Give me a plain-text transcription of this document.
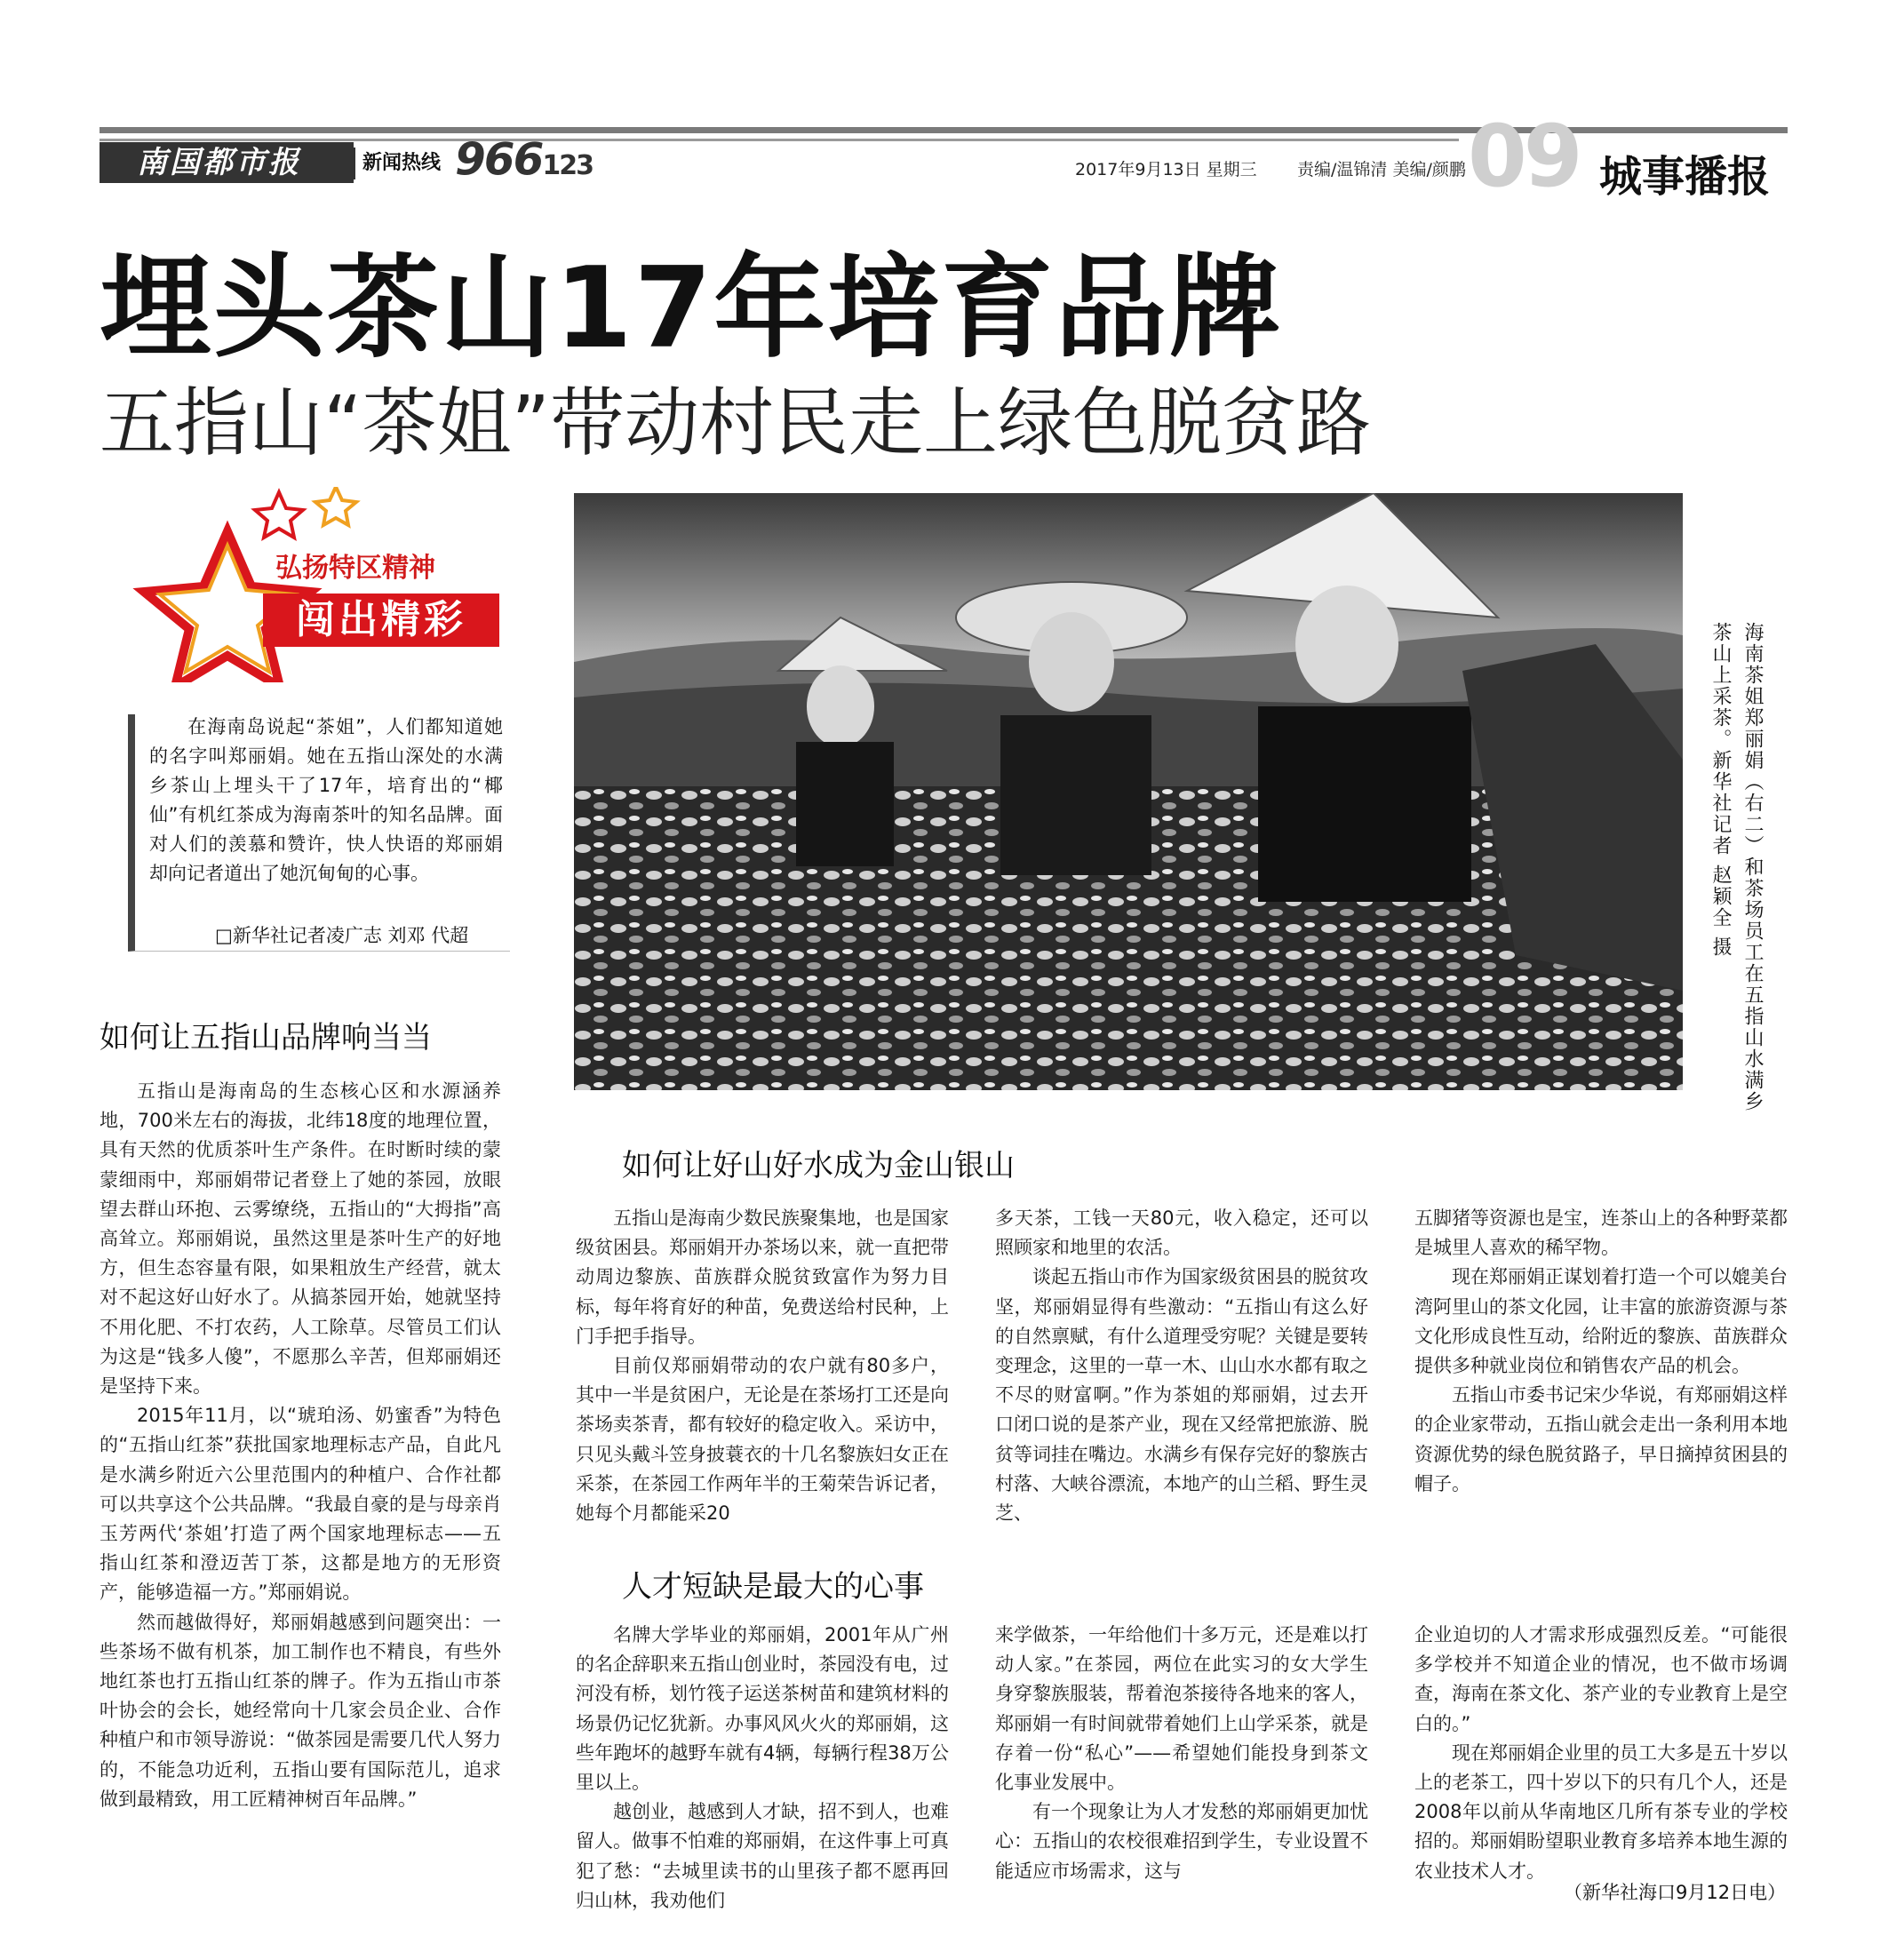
南国都市报	新闻热线 966123	2017年9月13日 星期三 责编/温锦清 美编/颜鹏 09 城事播报
埋头茶山17年培育品牌
五指山“茶姐”带动村民走上绿色脱贫路
弘扬特区精神
闯出精彩
在海南岛说起“茶姐”，人们都知道她的名字叫郑丽娟。她在五指山深处的水满乡茶山上埋头干了17年，培育出的“椰仙”有机红茶成为海南茶叶的知名品牌。面对人们的羡慕和赞许，快人快语的郑丽娟却向记者道出了她沉甸甸的心事。
□新华社记者凌广志 刘邓 代超	海南茶姐郑丽娟（右二）和茶场员工在五指山水满乡茶山上采茶。新华社记者 赵颖全 摄
如何让五指山品牌响当当

五指山是海南岛的生态核心区和水源涵养地，700米左右的海拔，北纬18度的地理位置，具有天然的优质茶叶生产条件。在时断时续的蒙蒙细雨中，郑丽娟带记者登上了她的茶园，放眼望去群山环抱、云雾缭绕，五指山的“大拇指”高高耸立。郑丽娟说，虽然这里是茶叶生产的好地方，但生态容量有限，如果粗放生产经营，就太对不起这好山好水了。从搞茶园开始，她就坚持不用化肥、不打农药，人工除草。尽管员工们认为这是“钱多人傻”，不愿那么辛苦，但郑丽娟还是坚持下来。

2015年11月，以“琥珀汤、奶蜜香”为特色的“五指山红茶”获批国家地理标志产品，自此凡是水满乡附近六公里范围内的种植户、合作社都可以共享这个公共品牌。“我最自豪的是与母亲肖玉芳两代‘茶姐’打造了两个国家地理标志——五指山红茶和澄迈苦丁茶，这都是地方的无形资产，能够造福一方。”郑丽娟说。

然而越做得好，郑丽娟越感到问题突出：一些茶场不做有机茶，加工制作也不精良，有些外地红茶也打五指山红茶的牌子。作为五指山市茶叶协会的会长，她经常向十几家会员企业、合作种植户和市领导游说：“做茶园是需要几代人努力的，不能急功近利，五指山要有国际范儿，追求做到最精致，用工匠精神树百年品牌。”

如何让好山好水成为金山银山

五指山是海南少数民族聚集地，也是国家级贫困县。郑丽娟开办茶场以来，就一直把带动周边黎族、苗族群众脱贫致富作为努力目标，每年将育好的种苗，免费送给村民种，上门手把手指导。

目前仅郑丽娟带动的农户就有80多户，其中一半是贫困户，无论是在茶场打工还是向茶场卖茶青，都有较好的稳定收入。采访中，只见头戴斗笠身披蓑衣的十几名黎族妇女正在采茶，在茶园工作两年半的王菊荣告诉记者，她每个月都能采20

多天茶，工钱一天80元，收入稳定，还可以照顾家和地里的农活。

谈起五指山市作为国家级贫困县的脱贫攻坚，郑丽娟显得有些激动：“五指山有这么好的自然禀赋，有什么道理受穷呢？关键是要转变理念，这里的一草一木、山山水水都有取之不尽的财富啊。”作为茶姐的郑丽娟，过去开口闭口说的是茶产业，现在又经常把旅游、脱贫等词挂在嘴边。水满乡有保存完好的黎族古村落、大峡谷漂流，本地产的山兰稻、野生灵芝、

五脚猪等资源也是宝，连茶山上的各种野菜都是城里人喜欢的稀罕物。

现在郑丽娟正谋划着打造一个可以媲美台湾阿里山的茶文化园，让丰富的旅游资源与茶文化形成良性互动，给附近的黎族、苗族群众提供多种就业岗位和销售农产品的机会。

五指山市委书记宋少华说，有郑丽娟这样的企业家带动，五指山就会走出一条利用本地资源优势的绿色脱贫路子，早日摘掉贫困县的帽子。

人才短缺是最大的心事

名牌大学毕业的郑丽娟，2001年从广州的名企辞职来五指山创业时，茶园没有电，过河没有桥，划竹筏子运送茶树苗和建筑材料的场景仍记忆犹新。办事风风火火的郑丽娟，这些年跑坏的越野车就有4辆，每辆行程38万公里以上。

越创业，越感到人才缺，招不到人，也难留人。做事不怕难的郑丽娟，在这件事上可真犯了愁：“去城里读书的山里孩子都不愿再回归山林，我劝他们

来学做茶，一年给他们十多万元，还是难以打动人家。”在茶园，两位在此实习的女大学生身穿黎族服装，帮着泡茶接待各地来的客人，郑丽娟一有时间就带着她们上山学采茶，就是存着一份“私心”——希望她们能投身到茶文化事业发展中。

有一个现象让为人才发愁的郑丽娟更加忧心：五指山的农校很难招到学生，专业设置不能适应市场需求，这与

企业迫切的人才需求形成强烈反差。“可能很多学校并不知道企业的情况，也不做市场调查，海南在茶文化、茶产业的专业教育上是空白的。”

现在郑丽娟企业里的员工大多是五十岁以上的老茶工，四十岁以下的只有几个人，还是2008年以前从华南地区几所有茶专业的学校招的。郑丽娟盼望职业教育多培养本地生源的农业技术人才。

（新华社海口9月12日电）
